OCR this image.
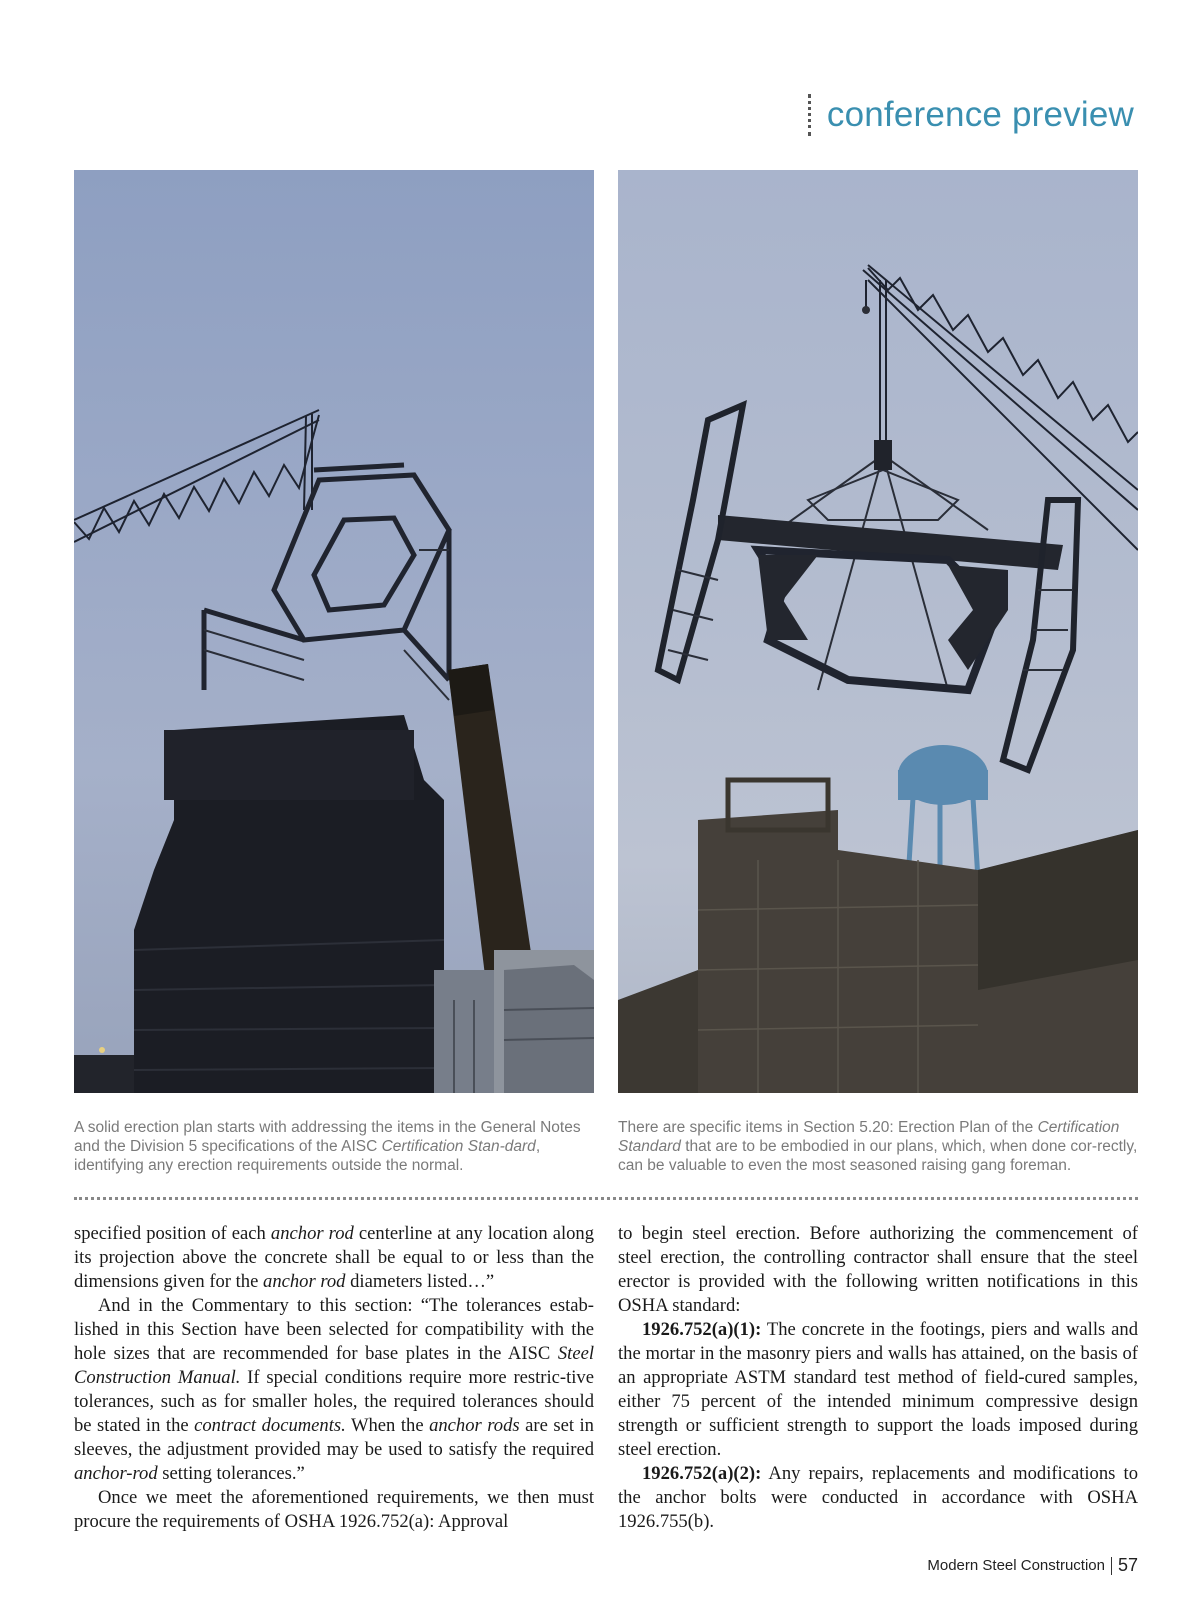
conference preview
A solid erection plan starts with addressing the items in the General Notes and the Division 5 specifications of the AISC Certification Stan-dard, identifying any erection requirements outside the normal.
There are specific items in Section 5.20: Erection Plan of the Certification Standard that are to be embodied in our plans, which, when done cor-rectly, can be valuable to even the most seasoned raising gang foreman.

specified position of each anchor rod centerline at any location along its projection above the concrete shall be equal to or less than the dimensions given for the anchor rod diameters listed…”

And in the Commentary to this section: “The tolerances estab-lished in this Section have been selected for compatibility with the hole sizes that are recommended for base plates in the AISC Steel Construction Manual. If special conditions require more restric-tive tolerances, such as for smaller holes, the required tolerances should be stated in the contract documents. When the anchor rods are set in sleeves, the adjustment provided may be used to satisfy the required anchor-rod setting tolerances.”

Once we meet the aforementioned requirements, we then must procure the requirements of OSHA 1926.752(a): Approval

to begin steel erection. Before authorizing the commencement of steel erection, the controlling contractor shall ensure that the steel erector is provided with the following written notifications in this OSHA standard:

1926.752(a)(1): The concrete in the footings, piers and walls and the mortar in the masonry piers and walls has attained, on the basis of an appropriate ASTM standard test method of field-cured samples, either 75 percent of the intended minimum compressive design strength or sufficient strength to support the loads imposed during steel erection.

1926.752(a)(2): Any repairs, replacements and modifications to the anchor bolts were conducted in accordance with OSHA 1926.755(b).

Modern Steel Construction 57
